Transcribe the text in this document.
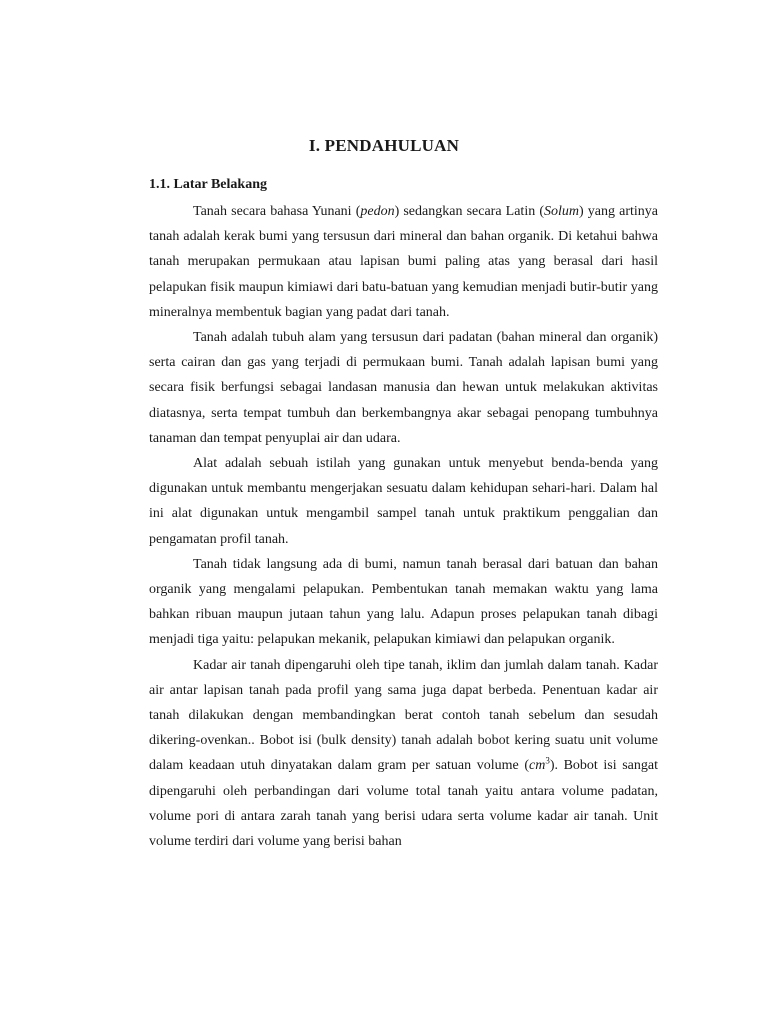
I. PENDAHULUAN
1.1. Latar Belakang

Tanah secara bahasa Yunani (pedon) sedangkan secara Latin (Solum) yang artinya tanah adalah kerak bumi yang tersusun dari mineral dan bahan organik. Di ketahui bahwa tanah merupakan permukaan atau lapisan bumi paling atas yang berasal dari hasil pelapukan fisik maupun kimiawi dari batu-batuan yang kemudian menjadi butir-butir yang mineralnya membentuk bagian yang padat dari tanah.

Tanah adalah tubuh alam yang tersusun dari padatan (bahan mineral dan organik) serta cairan dan gas yang terjadi di permukaan bumi. Tanah adalah lapisan bumi yang secara fisik berfungsi sebagai landasan manusia dan hewan untuk melakukan aktivitas diatasnya, serta tempat tumbuh dan berkembangnya akar sebagai penopang tumbuhnya tanaman dan tempat penyuplai air dan udara.

Alat adalah sebuah istilah yang gunakan untuk menyebut benda-benda yang digunakan untuk membantu mengerjakan sesuatu dalam kehidupan sehari-hari. Dalam hal ini alat digunakan untuk mengambil sampel tanah untuk praktikum penggalian dan pengamatan profil tanah.

Tanah tidak langsung ada di bumi, namun tanah berasal dari batuan dan bahan organik yang mengalami pelapukan. Pembentukan tanah memakan waktu yang lama bahkan ribuan maupun jutaan tahun yang lalu. Adapun proses pelapukan tanah dibagi menjadi tiga yaitu: pelapukan mekanik, pelapukan kimiawi dan pelapukan organik.

Kadar air tanah dipengaruhi oleh tipe tanah, iklim dan jumlah dalam tanah. Kadar air antar lapisan tanah pada profil yang sama juga dapat berbeda. Penentuan kadar air tanah dilakukan dengan membandingkan berat contoh tanah sebelum dan sesudah dikering-ovenkan.. Bobot isi (bulk density) tanah adalah bobot kering suatu unit volume dalam keadaan utuh dinyatakan dalam gram per satuan volume $(cm^3)$. Bobot isi sangat dipengaruhi oleh perbandingan dari volume total tanah yaitu antara volume padatan, volume pori di antara zarah tanah yang berisi udara serta volume kadar air tanah. Unit volume terdiri dari volume yang berisi bahan
